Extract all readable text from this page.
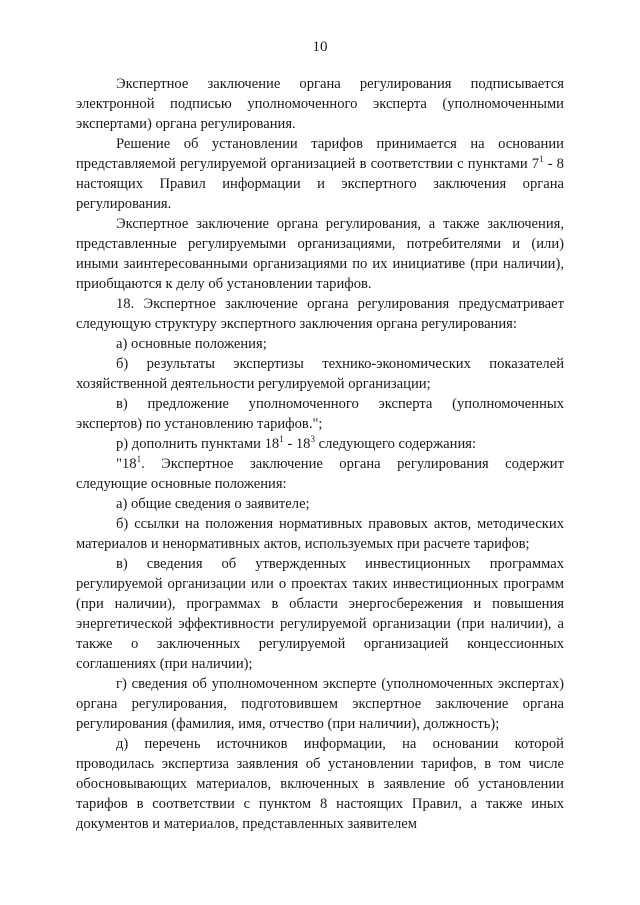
10

Экспертное заключение органа регулирования подписывается электронной подписью уполномоченного эксперта (уполномоченными экспертами) органа регулирования.

Решение об установлении тарифов принимается на основании представляемой регулируемой организацией в соответствии с пунктами $7^1 - 8$ настоящих Правил информации и экспертного заключения органа регулирования.

Экспертное заключение органа регулирования, а также заключения, представленные регулируемыми организациями, потребителями и (или) иными заинтересованными организациями по их инициативе (при наличии), приобщаются к делу об установлении тарифов.

18. Экспертное заключение органа регулирования предусматривает следующую структуру экспертного заключения органа регулирования:

а) основные положения;

б) результаты экспертизы технико-экономических показателей хозяйственной деятельности регулируемой организации;

в) предложение уполномоченного эксперта (уполномоченных экспертов) по установлению тарифов.";

р) дополнить пунктами $18^1 - 18^3$ следующего содержания:

"$18^1$. Экспертное заключение органа регулирования содержит следующие основные положения:

а) общие сведения о заявителе;

б) ссылки на положения нормативных правовых актов, методических материалов и ненормативных актов, используемых при расчете тарифов;

в) сведения об утвержденных инвестиционных программах регулируемой организации или о проектах таких инвестиционных программ (при наличии), программах в области энергосбережения и повышения энергетической эффективности регулируемой организации (при наличии), а также о заключенных регулируемой организацией концессионных соглашениях (при наличии);

г) сведения об уполномоченном эксперте (уполномоченных экспертах) органа регулирования, подготовившем экспертное заключение органа регулирования (фамилия, имя, отчество (при наличии), должность);

д) перечень источников информации, на основании которой проводилась экспертиза заявления об установлении тарифов, в том числе обосновывающих материалов, включенных в заявление об установлении тарифов в соответствии с пунктом 8 настоящих Правил, а также иных документов и материалов, представленных заявителем
